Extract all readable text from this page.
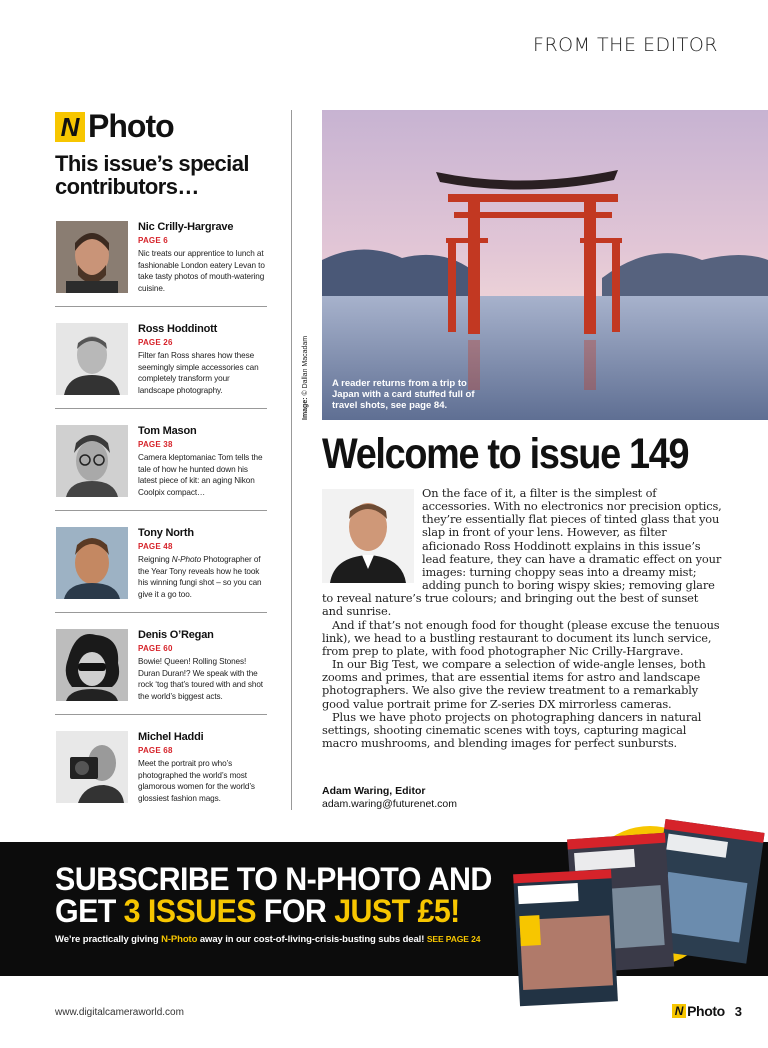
FROM THE EDITOR
N Photo
This issue’s special contributors…
Nic Crilly-Hargrave
PAGE 6
Nic treats our apprentice to lunch at fashionable London eatery Levan to take tasty photos of mouth-watering cuisine.
Ross Hoddinott
PAGE 26
Filter fan Ross shares how these seemingly simple accessories can completely transform your landscape photography.
Tom Mason
PAGE 38
Camera kleptomaniac Tom tells the tale of how he hunted down his latest piece of kit: an aging Nikon Coolpix compact…
Tony North
PAGE 48
Reigning N-Photo Photographer of the Year Tony reveals how he took his winning fungi shot – so you can give it a go too.
Denis O’Regan
PAGE 60
Bowie! Queen! Rolling Stones! Duran Duran!? We speak with the rock ‘tog that’s toured with and shot the world’s biggest acts.
Michel Haddi
PAGE 68
Meet the portrait pro who’s photographed the world’s most glamorous women for the world’s glossiest fashion mags.
A reader returns from a trip to Japan with a card stuffed full of travel shots, see page 84.
Image: © Dallan Macadam
Welcome to issue 149

On the face of it, a filter is the simplest of accessories. With no electronics nor precision optics, they’re essentially flat pieces of tinted glass that you slap in front of your lens. However, as filter aficionado Ross Hoddinott explains in this issue’s lead feature, they can have a dramatic effect on your images: turning choppy seas into a dreamy mist; adding punch to boring wispy skies; removing glare to reveal nature’s true colours; and bringing out the best of sunset and sunrise.

And if that’s not enough food for thought (please excuse the tenuous link), we head to a bustling restaurant to document its lunch service, from prep to plate, with food photographer Nic Crilly-Hargrave.

In our Big Test, we compare a selection of wide-angle lenses, both zooms and primes, that are essential items for astro and landscape photographers. We also give the review treatment to a remarkably good value portrait prime for Z-series DX mirrorless cameras.

Plus we have photo projects on photographing dancers in natural settings, shooting cinematic scenes with toys, capturing magical macro mushrooms, and blending images for perfect sunbursts.

Adam Waring, Editor
adam.waring@futurenet.com
SUBSCRIBE TO N-PHOTO AND
GET 3 ISSUES FOR JUST £5!
We’re practically giving N-Photo away in our cost-of-living-crisis-busting subs deal! SEE PAGE 24
www.digitalcameraworld.com	N Photo 3
